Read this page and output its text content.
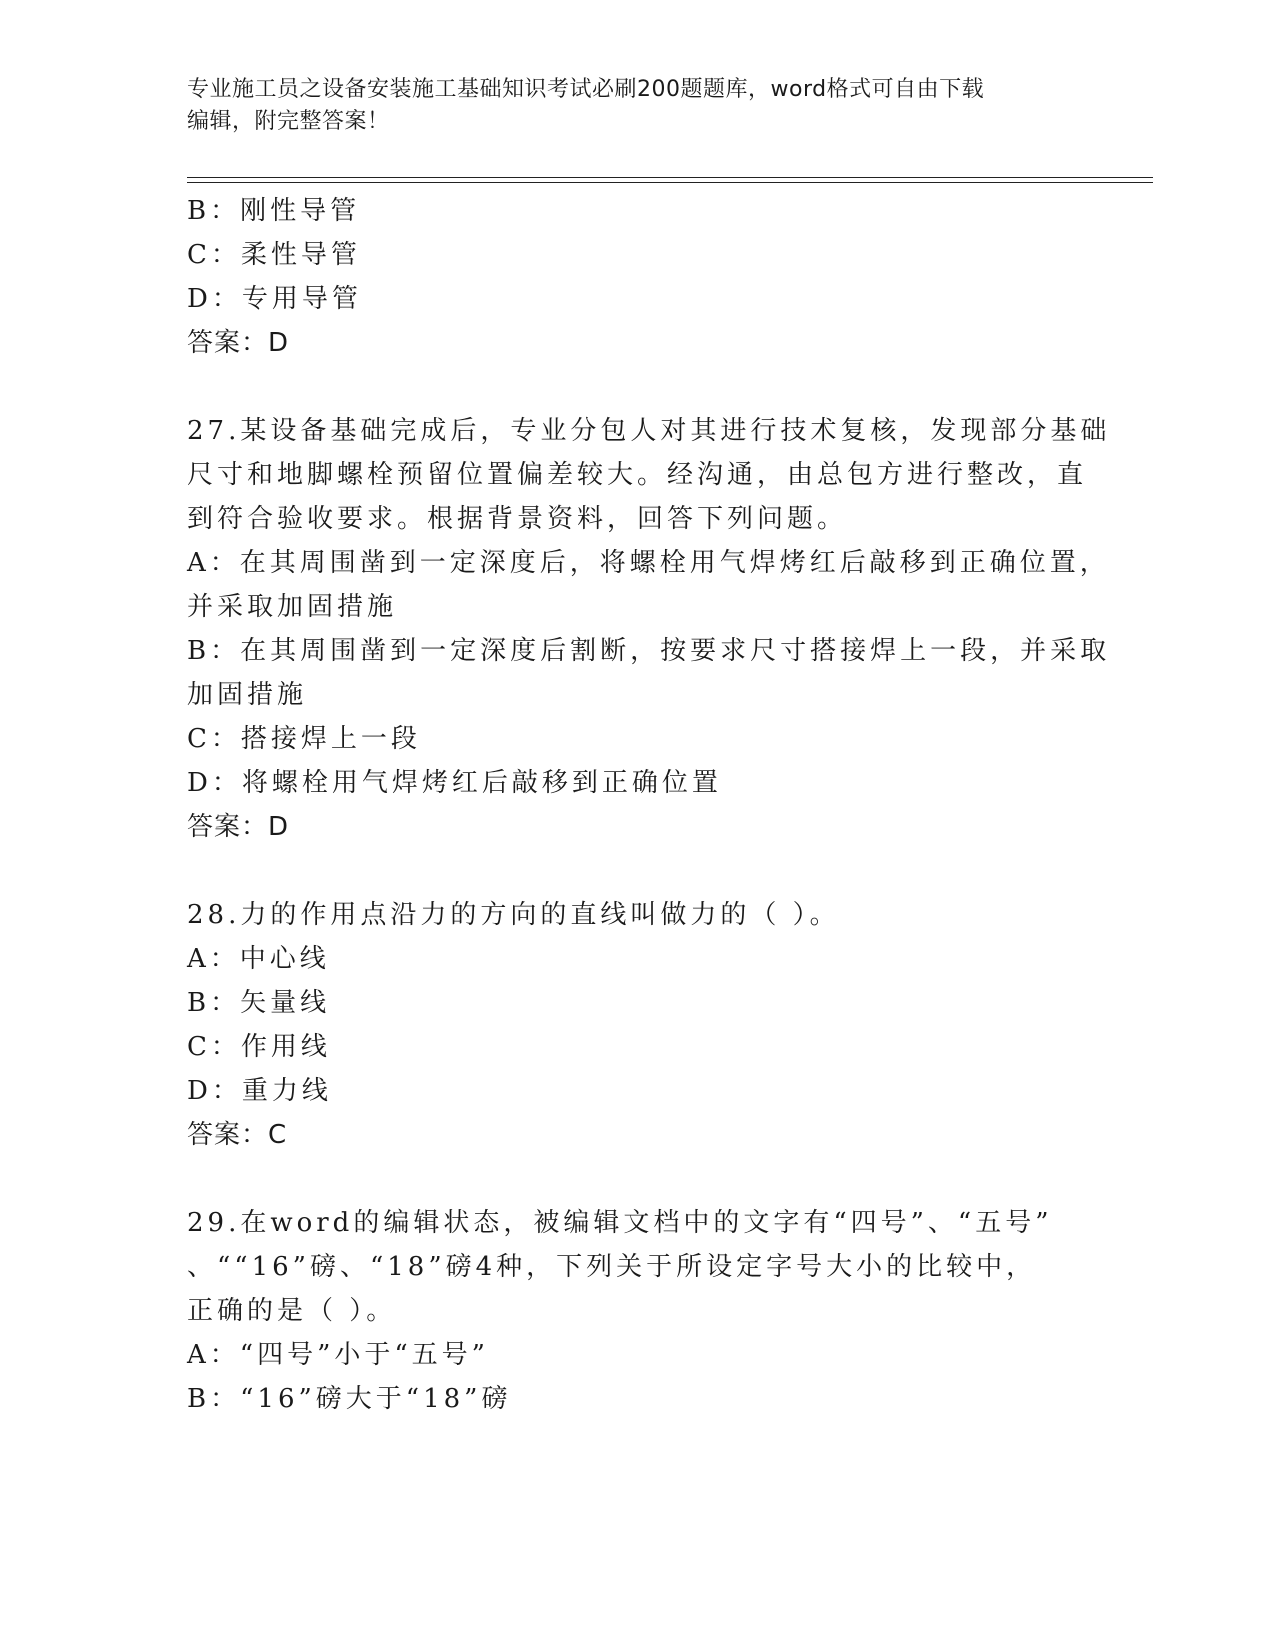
专业施工员之设备安装施工基础知识考试必刷200题题库，word格式可自由下载
编辑，附完整答案！
B：刚性导管
C：柔性导管
D：专用导管
答案：D
27.某设备基础完成后，专业分包人对其进行技术复核，发现部分基础
尺寸和地脚螺栓预留位置偏差较大。经沟通，由总包方进行整改，直
到符合验收要求。根据背景资料，回答下列问题。
A：在其周围凿到一定深度后，将螺栓用气焊烤红后敲移到正确位置，
并采取加固措施
B：在其周围凿到一定深度后割断，按要求尺寸搭接焊上一段，并采取
加固措施
C：搭接焊上一段
D：将螺栓用气焊烤红后敲移到正确位置
答案：D
28.力的作用点沿力的方向的直线叫做力的（ ）。
A：中心线
B：矢量线
C：作用线
D：重力线
答案：C
29.在word的编辑状态，被编辑文档中的文字有“四号”、“五号”
、““16”磅、“18”磅4种，下列关于所设定字号大小的比较中，
正确的是（ ）。
A：“四号”小于“五号”
B：“16”磅大于“18”磅
